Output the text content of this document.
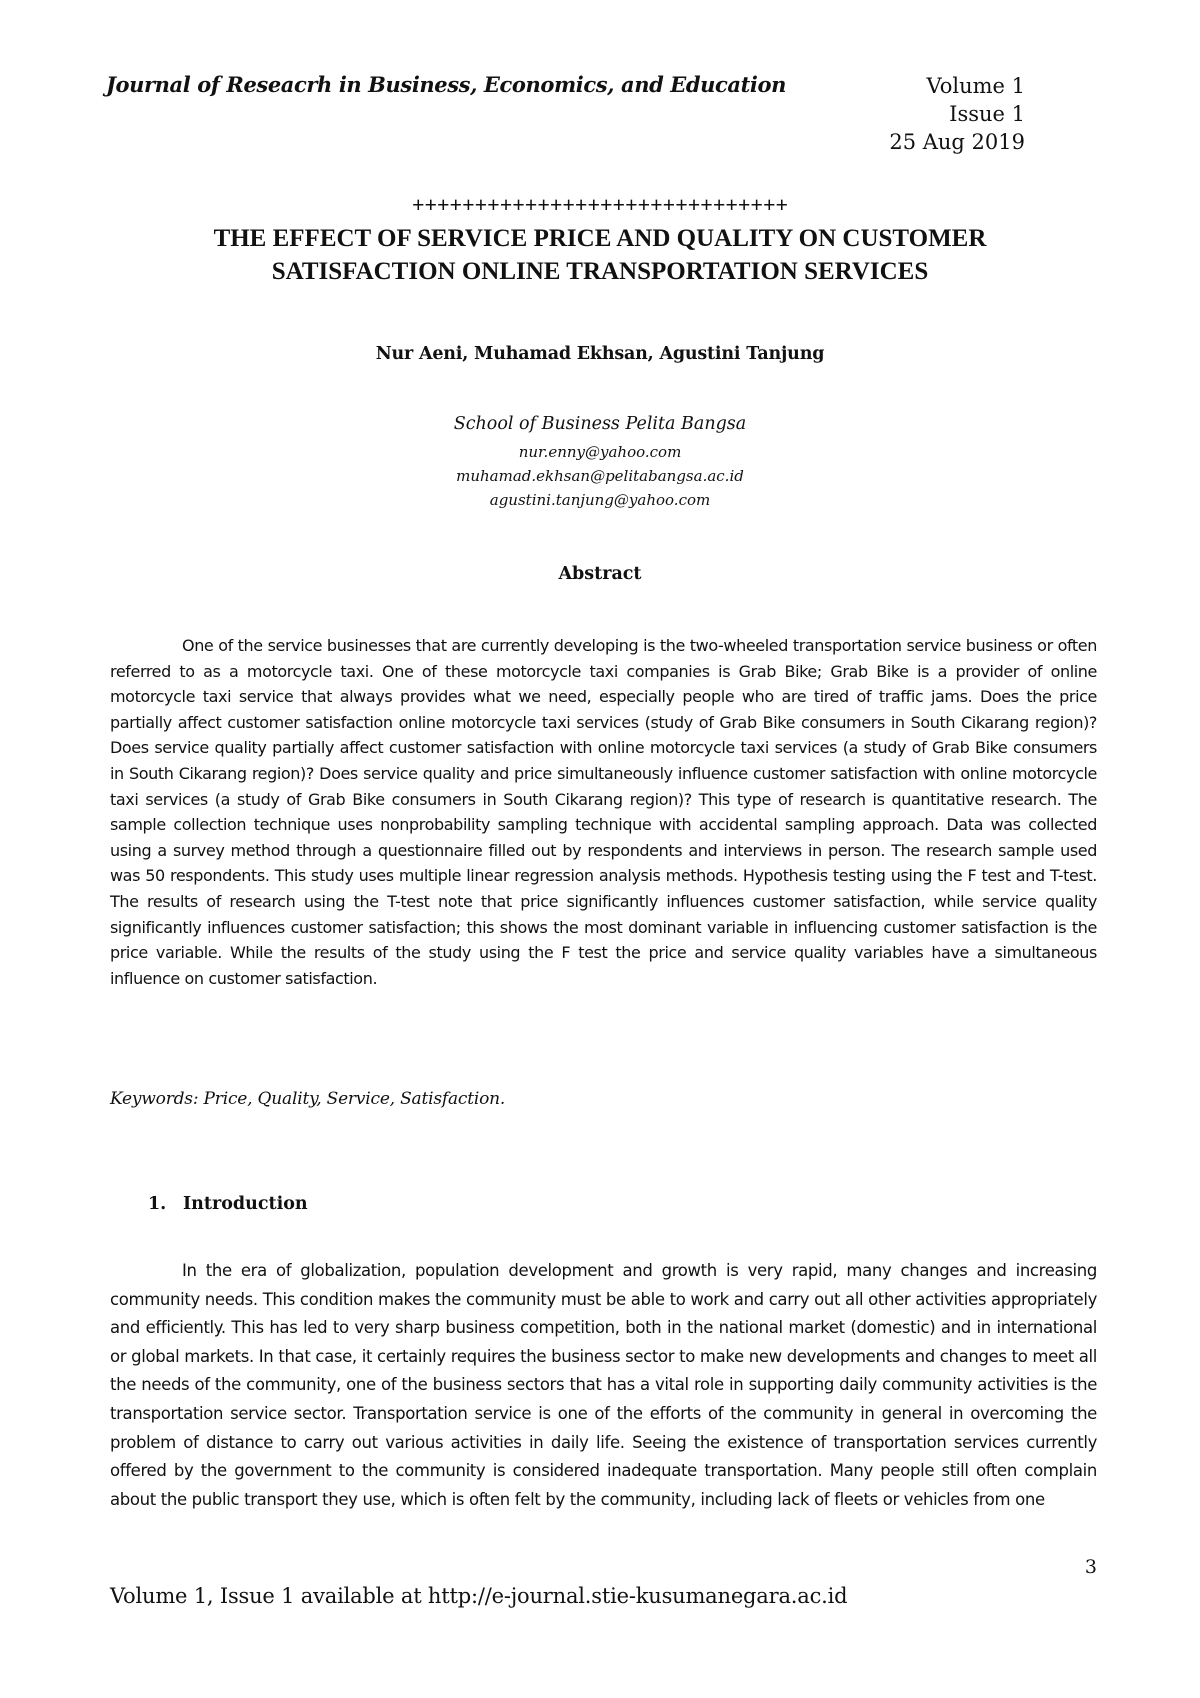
Journal of Reseacrh in Business, Economics, and Education	Volume 1
Issue 1
25 Aug 2019
++++++++++++++++++++++++++++++
THE EFFECT OF SERVICE PRICE AND QUALITY ON CUSTOMER
SATISFACTION ONLINE TRANSPORTATION SERVICES
Nur Aeni, Muhamad Ekhsan, Agustini Tanjung
School of Business Pelita Bangsa
nur.enny@yahoo.com
muhamad.ekhsan@pelitabangsa.ac.id
agustini.tanjung@yahoo.com
Abstract

One of the service businesses that are currently developing is the two-wheeled transportation service business or often referred to as a motorcycle taxi. One of these motorcycle taxi companies is Grab Bike; Grab Bike is a provider of online motorcycle taxi service that always provides what we need, especially people who are tired of traffic jams. Does the price partially affect customer satisfaction online motorcycle taxi services (study of Grab Bike consumers in South Cikarang region)? Does service quality partially affect customer satisfaction with online motorcycle taxi services (a study of Grab Bike consumers in South Cikarang region)? Does service quality and price simultaneously influence customer satisfaction with online motorcycle taxi services (a study of Grab Bike consumers in South Cikarang region)? This type of research is quantitative research. The sample collection technique uses nonprobability sampling technique with accidental sampling approach. Data was collected using a survey method through a questionnaire filled out by respondents and interviews in person. The research sample used was 50 respondents. This study uses multiple linear regression analysis methods. Hypothesis testing using the F test and T-test. The results of research using the T-test note that price significantly influences customer satisfaction, while service quality significantly influences customer satisfaction; this shows the most dominant variable in influencing customer satisfaction is the price variable. While the results of the study using the F test the price and service quality variables have a simultaneous influence on customer satisfaction.

Keywords: Price, Quality, Service, Satisfaction.
1. Introduction

In the era of globalization, population development and growth is very rapid, many changes and increasing community needs. This condition makes the community must be able to work and carry out all other activities appropriately and efficiently. This has led to very sharp business competition, both in the national market (domestic) and in international or global markets. In that case, it certainly requires the business sector to make new developments and changes to meet all the needs of the community, one of the business sectors that has a vital role in supporting daily community activities is the transportation service sector. Transportation service is one of the efforts of the community in general in overcoming the problem of distance to carry out various activities in daily life. Seeing the existence of transportation services currently offered by the government to the community is considered inadequate transportation. Many people still often complain about the public transport they use, which is often felt by the community, including lack of fleets or vehicles from one

3
Volume 1, Issue 1 available at http://e-journal.stie-kusumanegara.ac.id
